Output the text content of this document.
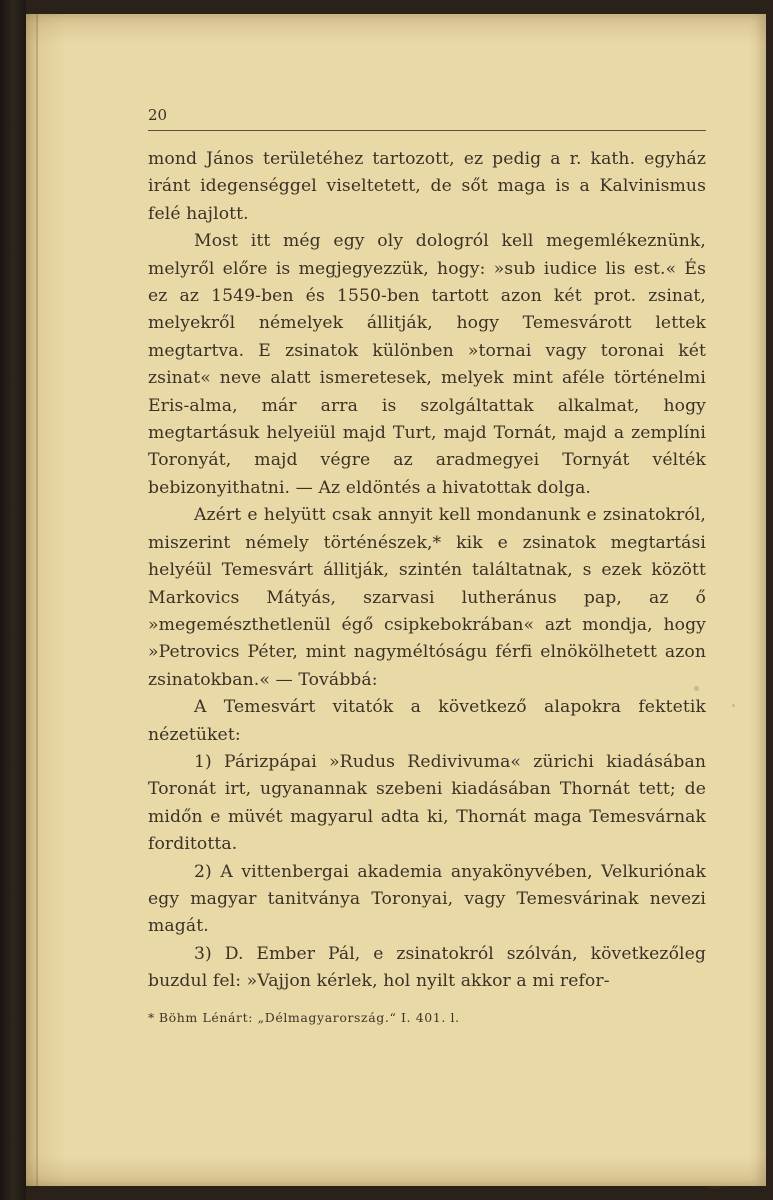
20

mond János területéhez tartozott, ez pedig a r. kath. egyház iránt idegenséggel viseltetett, de sőt maga is a Kalvinismus felé hajlott.

Most itt még egy oly dologról kell megemlékeznünk, melyről előre is megjegyezzük, hogy: »sub iudice lis est.« És ez az 1549-ben és 1550-ben tartott azon két prot. zsinat, melyekről némelyek állitják, hogy Temesvárott lettek megtartva. E zsinatok különben »tornai vagy toronai két zsinat« neve alatt ismeretesek, melyek mint aféle történelmi Eris-alma, már arra is szolgáltattak alkalmat, hogy megtartásuk helyeiül majd Turt, majd Tornát, majd a zemplíni Toronyát, majd végre az aradmegyei Tornyát vélték bebizonyithatni. — Az eldöntés a hivatottak dolga.

Azért e helyütt csak annyit kell mondanunk e zsinatokról, miszerint némely történészek,* kik e zsinatok megtartási helyéül Temesvárt állitják, szintén találtatnak, s ezek között Markovics Mátyás, szarvasi lutheránus pap, az ő »megemészthetlenül égő csipkebokrában« azt mondja, hogy »Petrovics Péter, mint nagyméltóságu férfi elnökölhetett azon zsinatokban.« — Továbbá:

A Temesvárt vitatók a következő alapokra fektetik nézetüket:

1) Párizpápai »Rudus Redivivuma« zürichi kiadásában Toronát irt, ugyanannak szebeni kiadásában Thornát tett; de midőn e müvét magyarul adta ki, Thornát maga Temesvárnak forditotta.

2) A vittenbergai akademia anyakönyvében, Velkuriónak egy magyar tanitványa Toronyai, vagy Temesvárinak nevezi magát.

3) D. Ember Pál, e zsinatokról szólván, következőleg buzdul fel: »Vajjon kérlek, hol nyilt akkor a mi refor-

* Böhm Lénárt: „Délmagyarország.“ I. 401. l.
